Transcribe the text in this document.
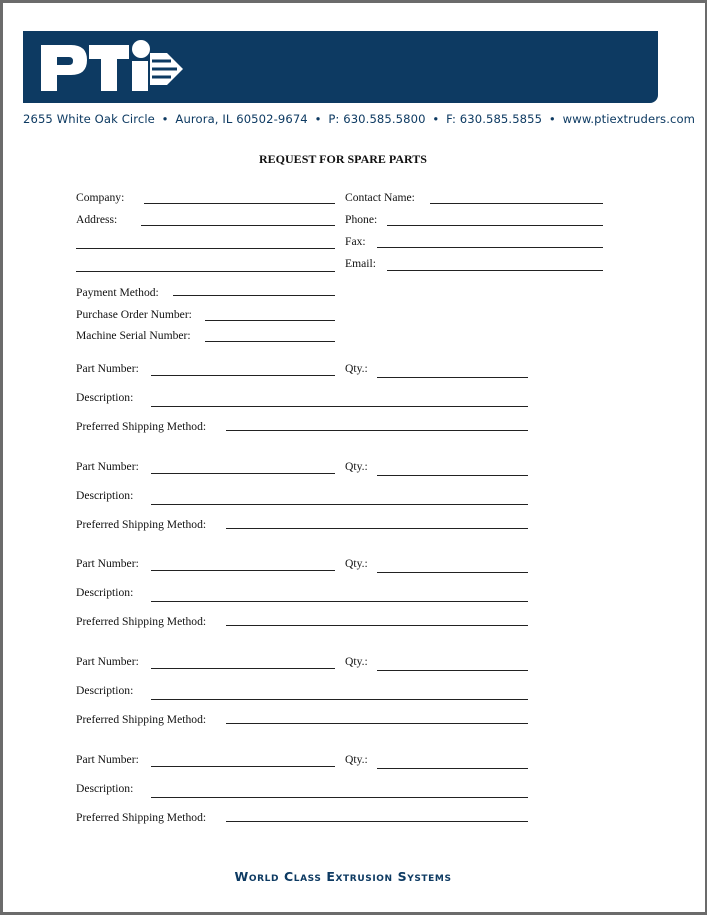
2655 White Oak Circle • Aurora, IL 60502-9674 • P: 630.585.5800 • F: 630.585.5855 • www.ptiextruders.com
REQUEST FOR SPARE PARTS
Company:
Address:
Contact Name:
Phone:
Fax:
Email:
Payment Method:
Purchase Order Number:
Machine Serial Number:
Part Number:	Qty.:
Description:
Preferred Shipping Method:
Part Number:	Qty.:
Description:
Preferred Shipping Method:
Part Number:	Qty.:
Description:
Preferred Shipping Method:
Part Number:	Qty.:
Description:
Preferred Shipping Method:
Part Number:	Qty.:
Description:
Preferred Shipping Method:
World Class Extrusion Systems
